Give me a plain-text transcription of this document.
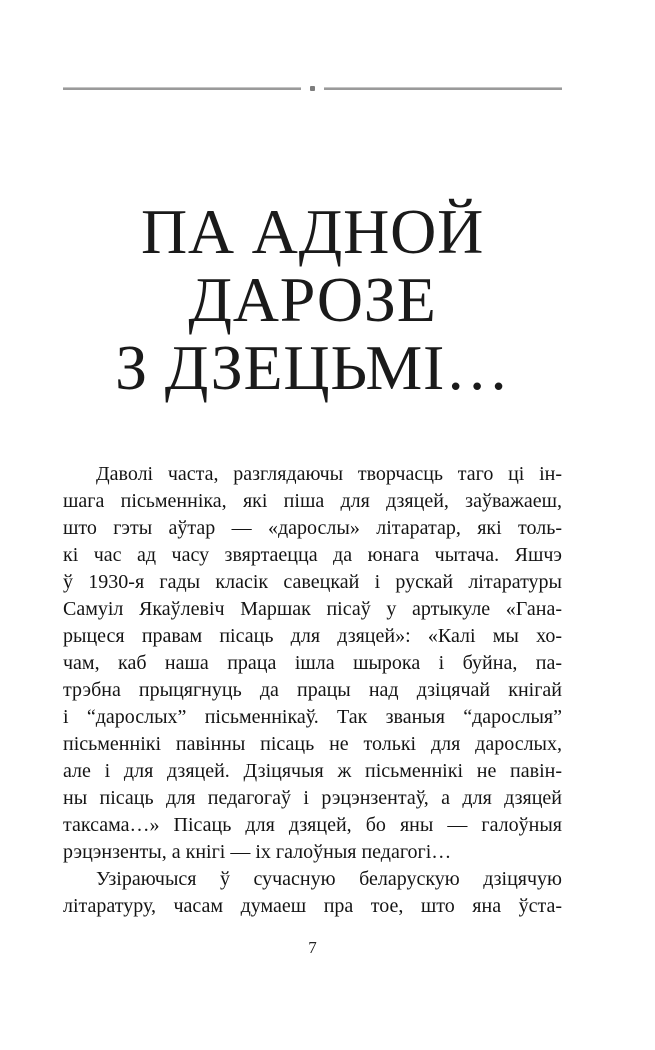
ПА АДНОЙ
ДАРОЗЕ
З ДЗЕЦЬМІ…
Даволі часта, разглядаючы творчасць таго ці ін-
шага пісьменніка, які піша для дзяцей, заўважаеш,
што гэты аўтар — «дарослы» літаратар, які толь-
кі час ад часу звяртаецца да юнага чытача. Яшчэ
ў 1930-я гады класік савецкай і рускай літаратуры
Самуіл Якаўлевіч Маршак пісаў у артыкуле «Гана-
рыцеся правам пісаць для дзяцей»: «Калі мы хо-
чам, каб наша праца ішла шырока і буйна, па-
трэбна прыцягнуць да працы над дзіцячай кнігай
і “дарослых” пісьменнікаў. Так званыя “дарослыя”
пісьменнікі павінны пісаць не толькі для дарослых,
але і для дзяцей. Дзіцячыя ж пісьменнікі не павін-
ны пісаць для педагогаў і рэцэнзентаў, а для дзяцей
таксама…» Пісаць для дзяцей, бо яны — галоўныя
рэцэнзенты, а кнігі — іх галоўныя педагогі…
Узіраючыся ў сучасную беларускую дзіцячую
літаратуру, часам думаеш пра тое, што яна ўста-
7
